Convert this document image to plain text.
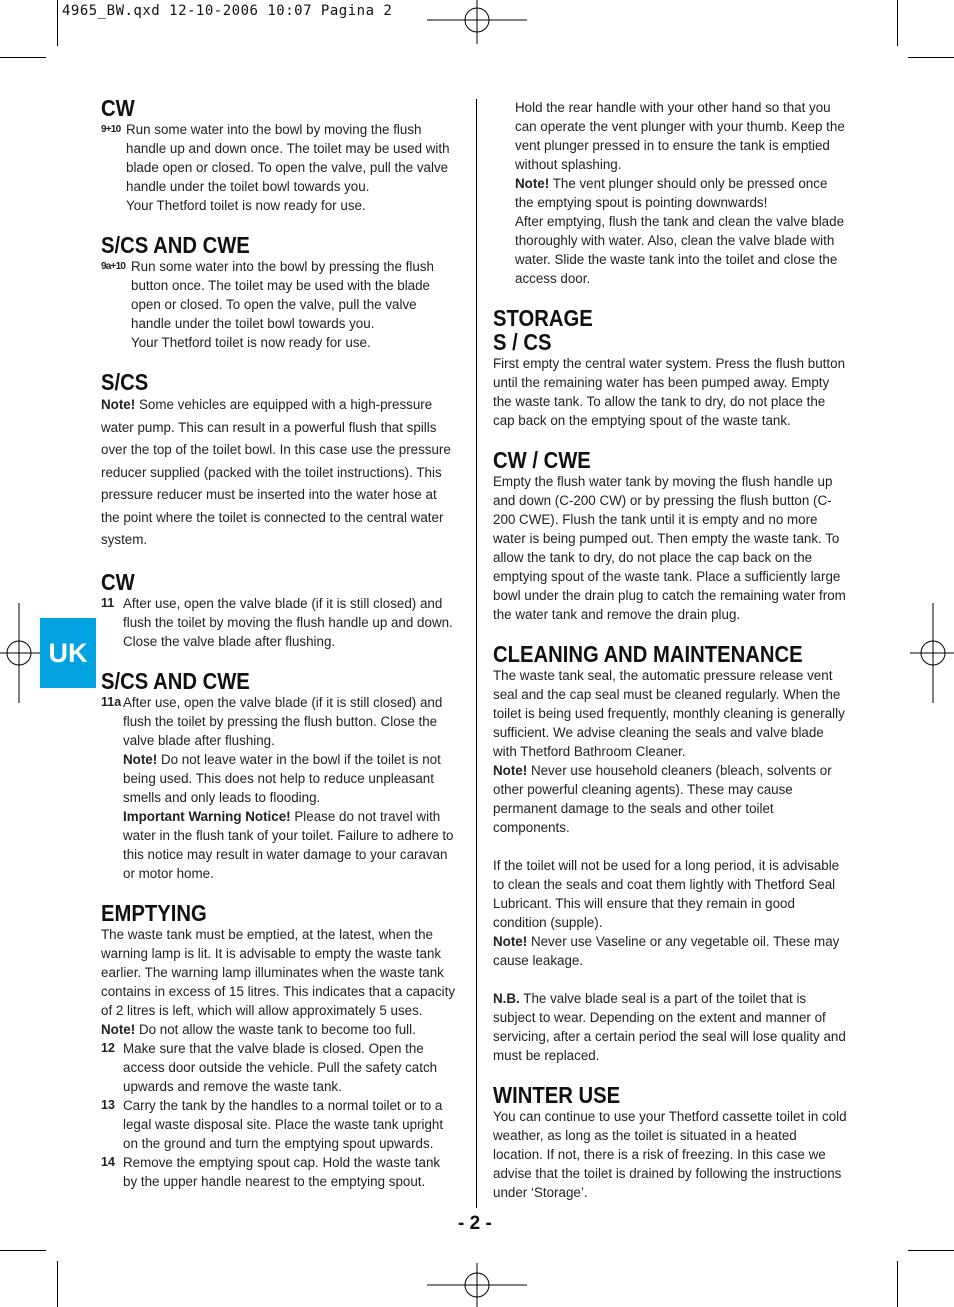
4965_BW.qxd 12-10-2006 10:07 Pagina 2
UK
CW
9+10 Run some water into the bowl by moving the flush handle up and down once. The toilet may be used with blade open or closed. To open the valve, pull the valve handle under the toilet bowl towards you.

Your Thetford toilet is now ready for use.

S/CS AND CWE
9a+10 Run some water into the bowl by pressing the flush button once. The toilet may be used with the blade open or closed. To open the valve, pull the valve handle under the toilet bowl towards you.

Your Thetford toilet is now ready for use.

S/CS

Note! Some vehicles are equipped with a high-pressure water pump. This can result in a powerful flush that spills over the top of the toilet bowl. In this case use the pressure reducer supplied (packed with the toilet instructions). This pressure reducer must be inserted into the water hose at the point where the toilet is connected to the central water system.

CW
11 After use, open the valve blade (if it is still closed) and flush the toilet by moving the flush handle up and down. Close the valve blade after flushing.

S/CS AND CWE
11a After use, open the valve blade (if it is still closed) and flush the toilet by pressing the flush button. Close the valve blade after flushing.

Note! Do not leave water in the bowl if the toilet is not being used. This does not help to reduce unpleasant smells and only leads to flooding.

Important Warning Notice! Please do not travel with water in the flush tank of your toilet. Failure to adhere to this notice may result in water damage to your caravan or motor home.

EMPTYING

The waste tank must be emptied, at the latest, when the warning lamp is lit. It is advisable to empty the waste tank earlier. The warning lamp illuminates when the waste tank contains in excess of 15 litres. This indicates that a capacity of 2 litres is left, which will allow approximately 5 uses.

Note! Do not allow the waste tank to become too full.

12 Make sure that the valve blade is closed. Open the access door outside the vehicle. Pull the safety catch upwards and remove the waste tank.

13 Carry the tank by the handles to a normal toilet or to a legal waste disposal site. Place the waste tank upright on the ground and turn the emptying spout upwards.

14 Remove the emptying spout cap. Hold the waste tank by the upper handle nearest to the emptying spout.

Hold the rear handle with your other hand so that you can operate the vent plunger with your thumb. Keep the vent plunger pressed in to ensure the tank is emptied without splashing.

Note! The vent plunger should only be pressed once the emptying spout is pointing downwards!

After emptying, flush the tank and clean the valve blade thoroughly with water. Also, clean the valve blade with water. Slide the waste tank into the toilet and close the access door.

STORAGE
S / CS

First empty the central water system. Press the flush button until the remaining water has been pumped away. Empty the waste tank. To allow the tank to dry, do not place the cap back on the emptying spout of the waste tank.

CW / CWE

Empty the flush water tank by moving the flush handle up and down (C-200 CW) or by pressing the flush button (C-200 CWE). Flush the tank until it is empty and no more water is being pumped out. Then empty the waste tank. To allow the tank to dry, do not place the cap back on the emptying spout of the waste tank. Place a sufficiently large bowl under the drain plug to catch the remaining water from the water tank and remove the drain plug.

CLEANING AND MAINTENANCE

The waste tank seal, the automatic pressure release vent seal and the cap seal must be cleaned regularly. When the toilet is being used frequently, monthly cleaning is generally sufficient. We advise cleaning the seals and valve blade with Thetford Bathroom Cleaner.

Note! Never use household cleaners (bleach, solvents or other powerful cleaning agents). These may cause permanent damage to the seals and other toilet components.

If the toilet will not be used for a long period, it is advisable to clean the seals and coat them lightly with Thetford Seal Lubricant. This will ensure that they remain in good condition (supple).

Note! Never use Vaseline or any vegetable oil. These may cause leakage.

N.B. The valve blade seal is a part of the toilet that is subject to wear. Depending on the extent and manner of servicing, after a certain period the seal will lose quality and must be replaced.

WINTER USE

You can continue to use your Thetford cassette toilet in cold weather, as long as the toilet is situated in a heated location. If not, there is a risk of freezing. In this case we advise that the toilet is drained by following the instructions under ‘Storage’.

- 2 -
